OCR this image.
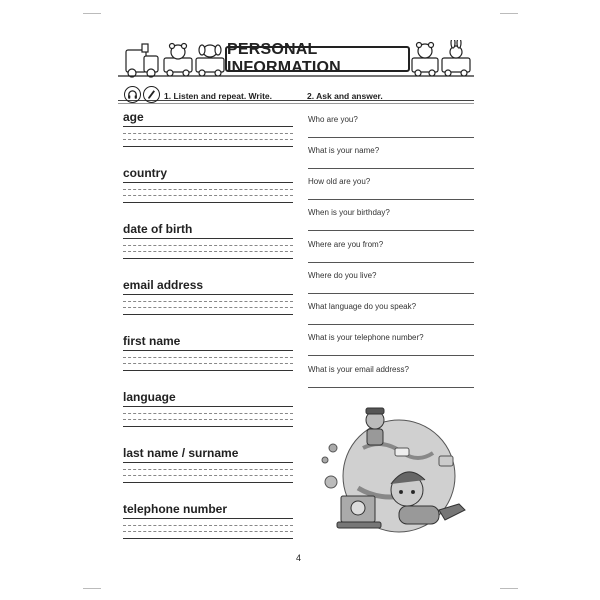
PERSONAL INFORMATION
1. Listen and repeat. Write.	2. Ask and answer.
age
country
date of birth
email address
first name
language
last name / surname
telephone number
Who are you?
What is your name?
How old are you?
When is your birthday?
Where are you from?
Where do you live?
What language do you speak?
What is your telephone number?
What is your email address?
4
